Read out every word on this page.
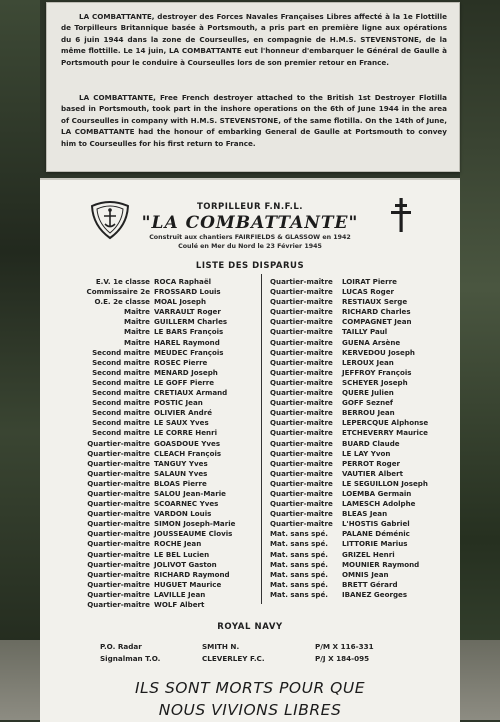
LA COMBATTANTE, destroyer des Forces Navales Françaises Libres affecté à la 1e Flottille de Torpilleurs Britannique basée à Portsmouth, a pris part en première ligne aux opérations du 6 juin 1944 dans la zone de Courseulles, en compagnie de H.M.S. STEVENSTONE, de la même flottille. Le 14 juin, LA COMBATTANTE eut l'honneur d'embarquer le Général de Gaulle à Portsmouth pour le conduire à Courseulles lors de son premier retour en France.

LA COMBATTANTE, Free French destroyer attached to the British 1st Destroyer Flotilla based in Portsmouth, took part in the inshore operations on the 6th of June 1944 in the area of Courseulles in company with H.M.S. STEVENSTONE, of the same flotilla. On the 14th of June, LA COMBATTANTE had the honour of embarking General de Gaulle at Portsmouth to convey him to Courseulles for his first return to France.

TORPILLEUR F.N.F.L.
"LA COMBATTANTE"
Construit aux chantiers FAIRFIELDS & GLASSOW en 1942
Coulé en Mer du Nord le 23 Février 1945
LISTE DES DISPARUS
E.V. 1e classe ROCA Raphaël
Commissaire 2e FROSSARD Louis
O.E. 2e classe MOAL Joseph
Maître VARRAULT Roger
Maître GUILLERM Charles
Maître LE BARS François
Maître HAREL Raymond
Second maître MEUDEC François
Second maître ROSEC Pierre
Second maître MENARD Joseph
Second maître LE GOFF Pierre
Second maître CRETIAUX Armand
Second maître POSTIC Jean
Second maître OLIVIER André
Second maître LE SAUX Yves
Second maître LE CORRE Henri
Quartier-maître GOASDOUE Yves
Quartier-maître CLEACH François
Quartier-maître TANGUY Yves
Quartier-maître SALAUN Yves
Quartier-maître BLOAS Pierre
Quartier-maître SALOU Jean-Marie
Quartier-maître SCOARNEC Yves
Quartier-maître VARDON Louis
Quartier-maître SIMON Joseph-Marie
Quartier-maître JOUSSEAUME Clovis
Quartier-maître ROCHE Jean
Quartier-maître LE BEL Lucien
Quartier-maître JOLIVOT Gaston
Quartier-maître RICHARD Raymond
Quartier-maître HUGUET Maurice
Quartier-maître LAVILLE Jean
Quartier-maître WOLF Albert
Quartier-maître LOIRAT Pierre
Quartier-maître LUCAS Roger
Quartier-maître RESTIAUX Serge
Quartier-maître RICHARD Charles
Quartier-maître COMPAGNET Jean
Quartier-maître TAILLY Paul
Quartier-maître GUENA Arsène
Quartier-maître KERVEDOU Joseph
Quartier-maître LEROUX Jean
Quartier-maître JEFFROY François
Quartier-maître SCHEYER Joseph
Quartier-maître QUERE Julien
Quartier-maître GOFF Seznef
Quartier-maître BERROU Jean
Quartier-maître LEPERCQUE Alphonse
Quartier-maître ETCHEVERRY Maurice
Quartier-maître BUARD Claude
Quartier-maître LE LAY Yvon
Quartier-maître PERROT Roger
Quartier-maître VAUTIER Albert
Quartier-maître LE SEGUILLON Joseph
Quartier-maître LOEMBA Germain
Quartier-maître LAMESCH Adolphe
Quartier-maître BLEAS Jean
Quartier-maître L'HOSTIS Gabriel
Mat. sans spé. PALANE Déménic
Mat. sans spé. LITTORIE Marius
Mat. sans spé. GRIZEL Henri
Mat. sans spé. MOUNIER Raymond
Mat. sans spé. OMNIS Jean
Mat. sans spé. BRETT Gérard
Mat. sans spé. IBANEZ Georges
ROYAL NAVY
P.O. Radar	SMITH N.	P/M X 116-331
Signalman T.O.	CLEVERLEY F.C.	P/J X 184-095
ILS SONT MORTS POUR QUE
NOUS VIVIONS LIBRES
